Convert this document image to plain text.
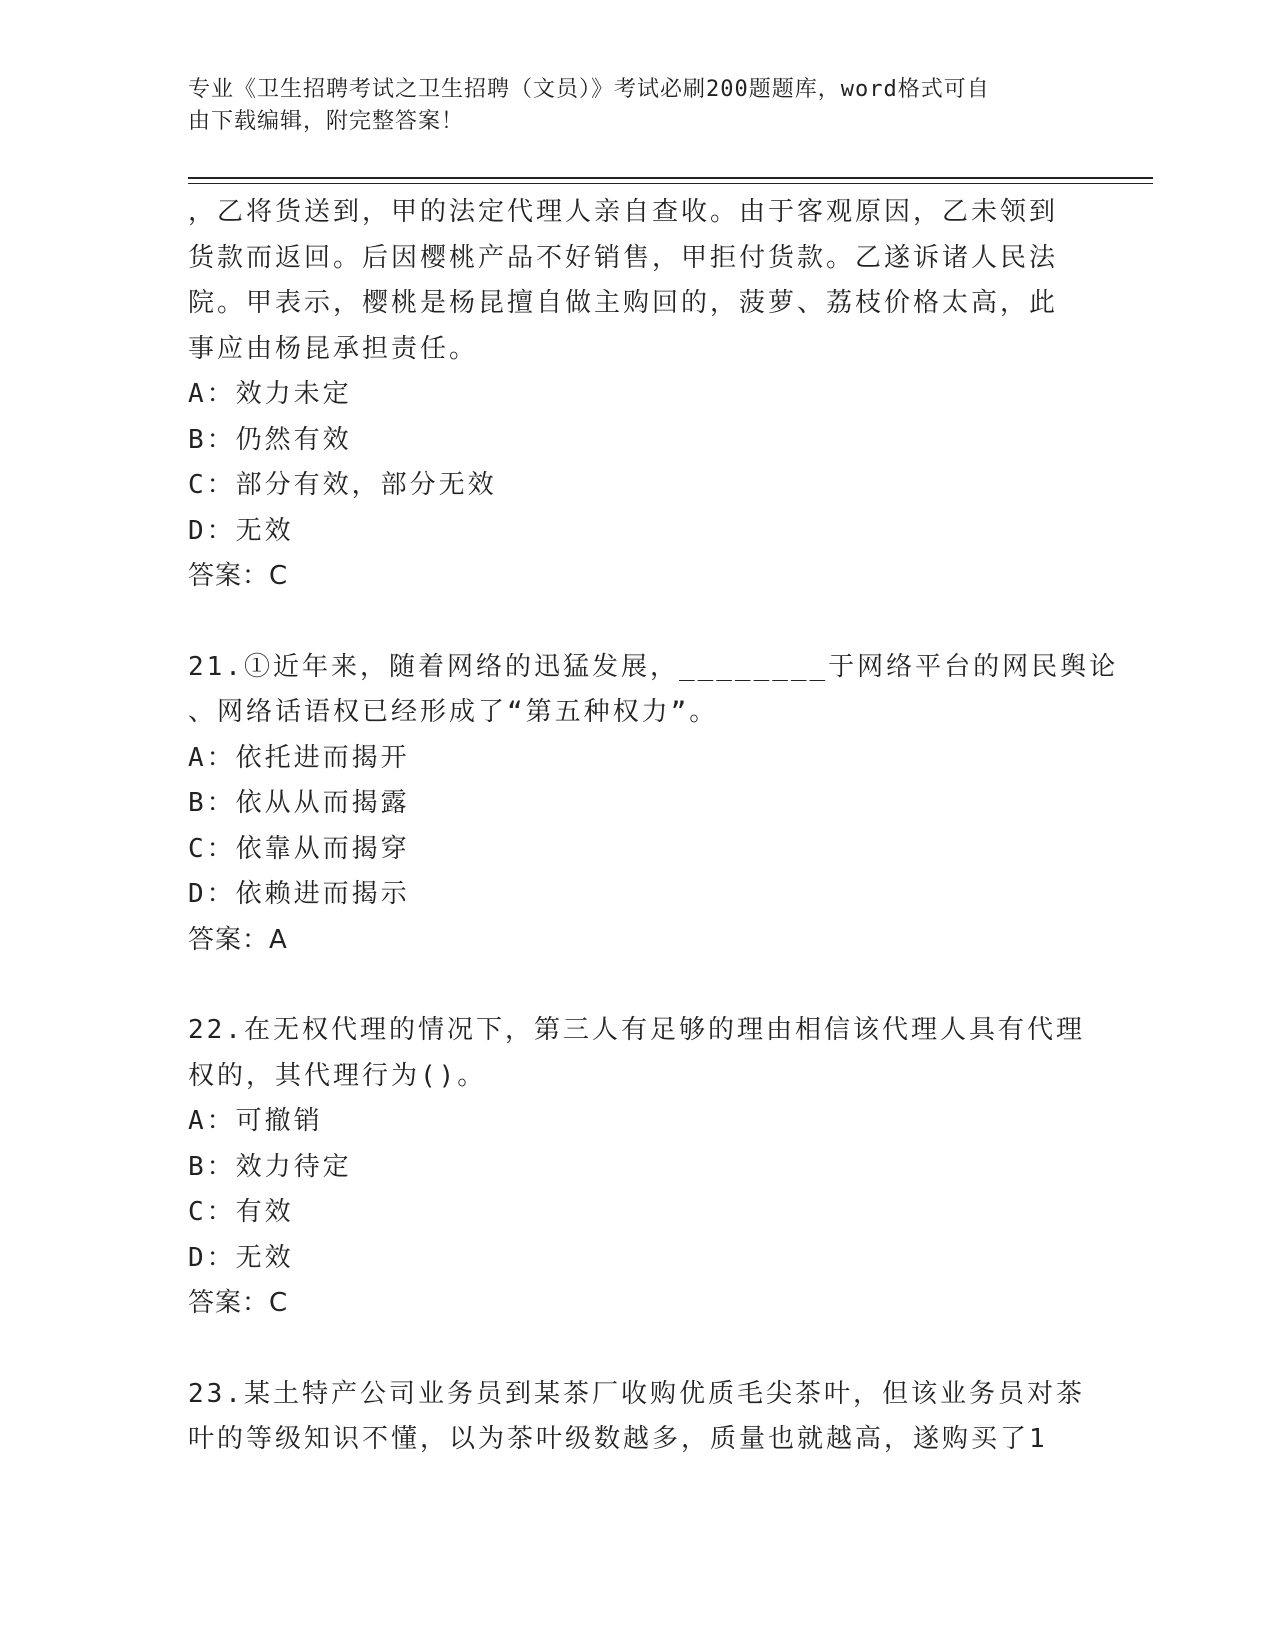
专业《卫生招聘考试之卫生招聘（文员）》考试必刷200题题库，word格式可自
由下载编辑，附完整答案！
，乙将货送到，甲的法定代理人亲自查收。由于客观原因，乙未领到
货款而返回。后因樱桃产品不好销售，甲拒付货款。乙遂诉诸人民法
院。甲表示，樱桃是杨昆擅自做主购回的，菠萝、荔枝价格太高，此
事应由杨昆承担责任。
A：效力未定
B：仍然有效
C：部分有效，部分无效
D：无效
答案：C
21.①近年来，随着网络的迅猛发展，________于网络平台的网民舆论
、网络话语权已经形成了“第五种权力”。
A：依托进而揭开
B：依从从而揭露
C：依靠从而揭穿
D：依赖进而揭示
答案：A
22.在无权代理的情况下，第三人有足够的理由相信该代理人具有代理
权的，其代理行为()。
A：可撤销
B：效力待定
C：有效
D：无效
答案：C
23.某土特产公司业务员到某茶厂收购优质毛尖茶叶，但该业务员对茶
叶的等级知识不懂，以为茶叶级数越多，质量也就越高，遂购买了1
